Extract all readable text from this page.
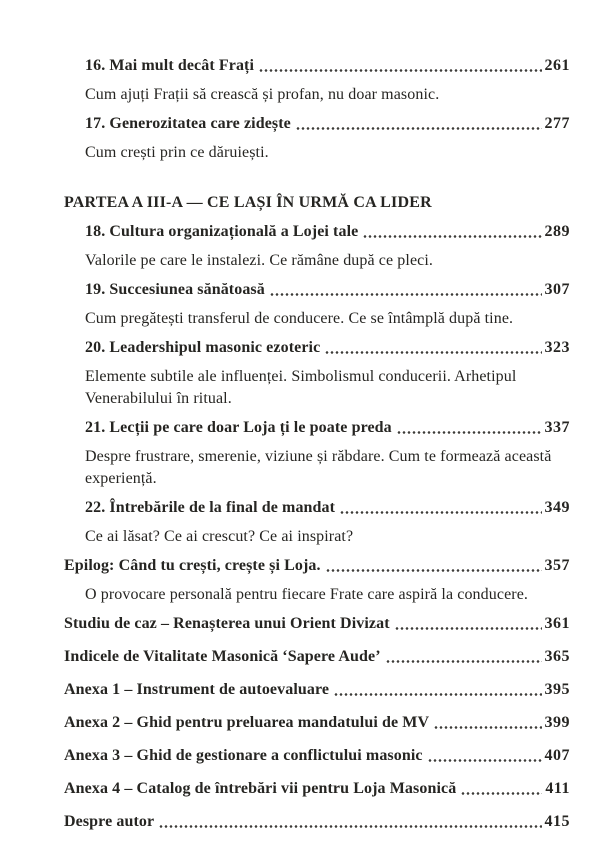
16. Mai mult decât Frați	261
Cum ajuți Frații să crească și profan, nu doar masonic.
17. Generozitatea care zidește	277
Cum crești prin ce dăruiești.
PARTEA A III-A — CE LAȘI ÎN URMĂ CA LIDER
18. Cultura organizațională a Lojei tale	289
Valorile pe care le instalezi. Ce rămâne după ce pleci.
19. Succesiunea sănătoasă	307
Cum pregătești transferul de conducere. Ce se întâmplă după tine.
20. Leadershipul masonic ezoteric	323
Elemente subtile ale influenței. Simbolismul conducerii. Arhetipul Venerabilului în ritual.
21. Lecții pe care doar Loja ți le poate preda	337
Despre frustrare, smerenie, viziune și răbdare. Cum te formează această experiență.
22. Întrebările de la final de mandat	349
Ce ai lăsat? Ce ai crescut? Ce ai inspirat?
Epilog: Când tu crești, crește și Loja.	357
O provocare personală pentru fiecare Frate care aspiră la conducere.
Studiu de caz – Renașterea unui Orient Divizat	361
Indicele de Vitalitate Masonică ‘Sapere Aude’	365
Anexa 1 – Instrument de autoevaluare	395
Anexa 2 – Ghid pentru preluarea mandatului de MV	399
Anexa 3 – Ghid de gestionare a conflictului masonic	407
Anexa 4 – Catalog de întrebări vii pentru Loja Masonică	411
Despre autor	415
